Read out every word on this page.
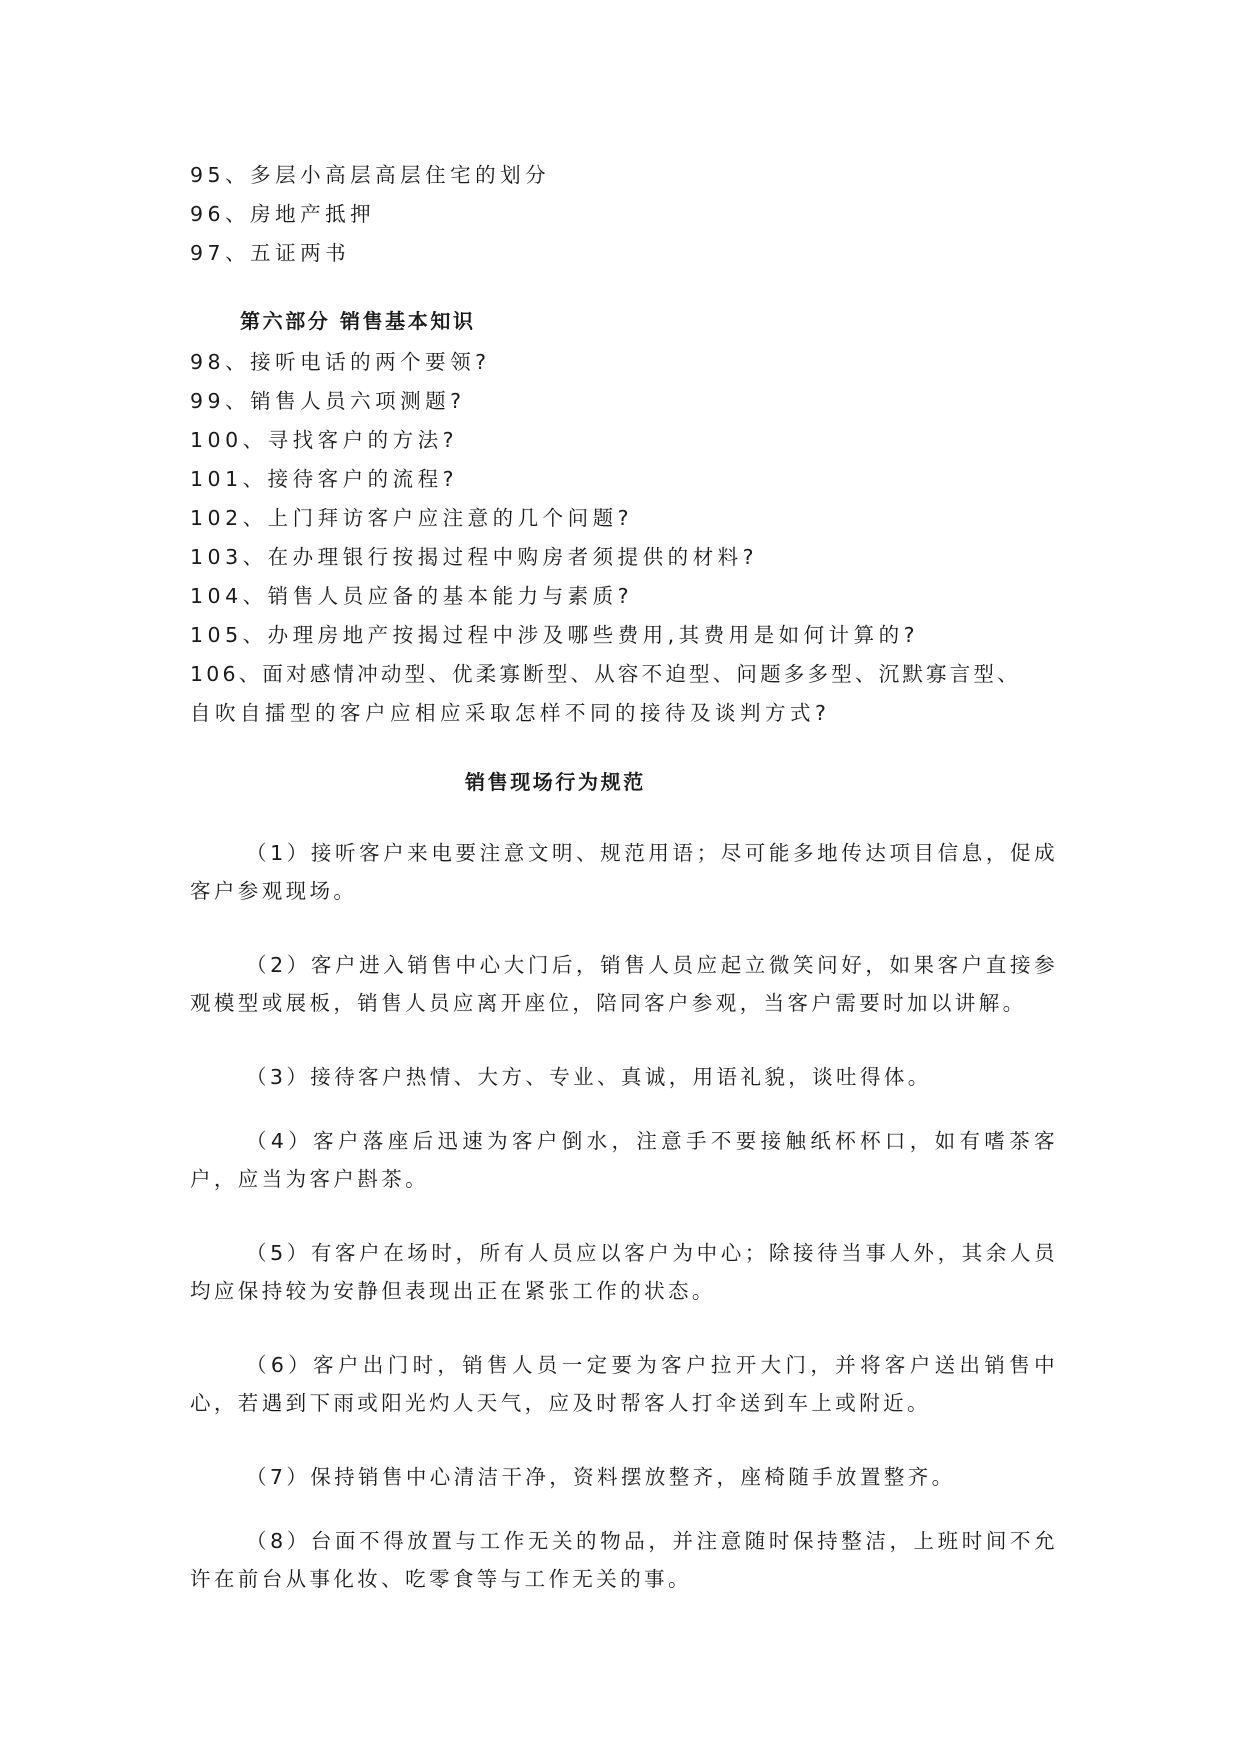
95、多层小高层高层住宅的划分
96、房地产抵押
97、五证两书
第六部分 销售基本知识
98、接听电话的两个要领?
99、销售人员六项测题?
100、寻找客户的方法?
101、接待客户的流程?
102、上门拜访客户应注意的几个问题?
103、在办理银行按揭过程中购房者须提供的材料?
104、销售人员应备的基本能力与素质?
105、办理房地产按揭过程中涉及哪些费用,其费用是如何计算的?
106、面对感情冲动型、优柔寡断型、从容不迫型、问题多多型、沉默寡言型、
自吹自擂型的客户应相应采取怎样不同的接待及谈判方式?
销售现场行为规范
（1）接听客户来电要注意文明、规范用语；尽可能多地传达项目信息，促成客户参观现场。
（2）客户进入销售中心大门后，销售人员应起立微笑问好，如果客户直接参观模型或展板，销售人员应离开座位，陪同客户参观，当客户需要时加以讲解。
（3）接待客户热情、大方、专业、真诚，用语礼貌，谈吐得体。
（4）客户落座后迅速为客户倒水，注意手不要接触纸杯杯口，如有嗜茶客户，应当为客户斟茶。
（5）有客户在场时，所有人员应以客户为中心；除接待当事人外，其余人员均应保持较为安静但表现出正在紧张工作的状态。
（6）客户出门时，销售人员一定要为客户拉开大门，并将客户送出销售中心，若遇到下雨或阳光灼人天气，应及时帮客人打伞送到车上或附近。
（7）保持销售中心清洁干净，资料摆放整齐，座椅随手放置整齐。
（8）台面不得放置与工作无关的物品，并注意随时保持整洁，上班时间不允许在前台从事化妆、吃零食等与工作无关的事。
